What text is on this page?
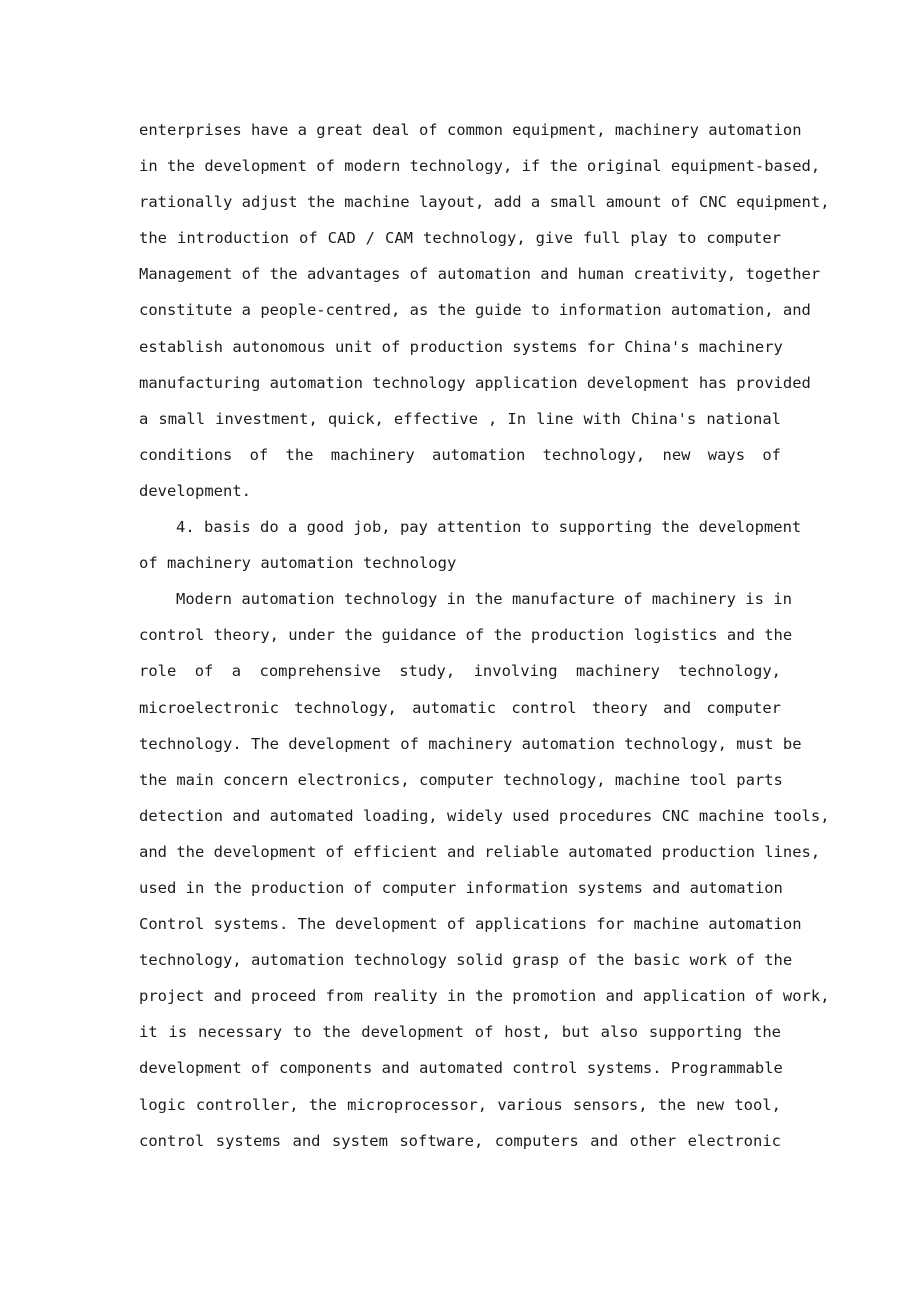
enterprises have a great deal of common equipment, machinery automation
in the development of modern technology, if the original equipment-based,
rationally adjust the machine layout, add a small amount of CNC equipment,
the introduction of CAD / CAM technology, give full play to computer
Management of the advantages of automation and human creativity, together
constitute a people-centred, as the guide to information automation, and
establish autonomous unit of production systems for China's machinery
manufacturing automation technology application development has provided
a small investment, quick, effective , In line with China's national
conditions of the machinery automation technology, new ways of
development.
4. basis do a good job, pay attention to supporting the development
of machinery automation technology
Modern automation technology in the manufacture of machinery is in
control theory, under the guidance of the production logistics and the
role of a comprehensive study, involving machinery technology,
microelectronic technology, automatic control theory and computer
technology. The development of machinery automation technology, must be
the main concern electronics, computer technology, machine tool parts
detection and automated loading, widely used procedures CNC machine tools,
and the development of efficient and reliable automated production lines,
used in the production of computer information systems and automation
Control systems. The development of applications for machine automation
technology, automation technology solid grasp of the basic work of the
project and proceed from reality in the promotion and application of work,
it is necessary to the development of host, but also supporting the
development of components and automated control systems. Programmable
logic controller, the microprocessor, various sensors, the new tool,
control systems and system software, computers and other electronic
